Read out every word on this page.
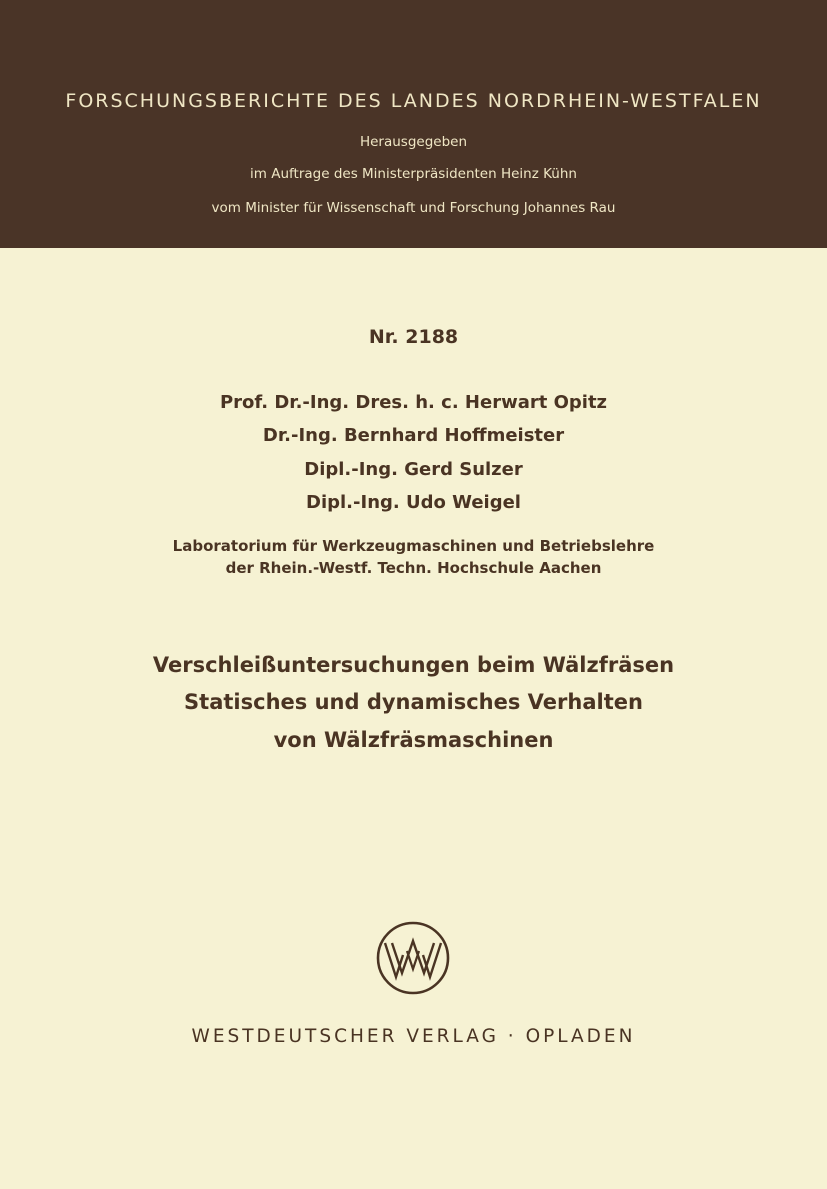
FORSCHUNGSBERICHTE DES LANDES NORDRHEIN-WESTFALEN
Herausgegeben
im Auftrage des Ministerpräsidenten Heinz Kühn
vom Minister für Wissenschaft und Forschung Johannes Rau
Nr. 2188
Prof. Dr.-Ing. Dres. h. c. Herwart Opitz
Dr.-Ing. Bernhard Hoffmeister
Dipl.-Ing. Gerd Sulzer
Dipl.-Ing. Udo Weigel
Laboratorium für Werkzeugmaschinen und Betriebslehre
der Rhein.-Westf. Techn. Hochschule Aachen
Verschleißuntersuchungen beim Wälzfräsen
Statisches und dynamisches Verhalten
von Wälzfräsmaschinen
WESTDEUTSCHER VERLAG · OPLADEN
